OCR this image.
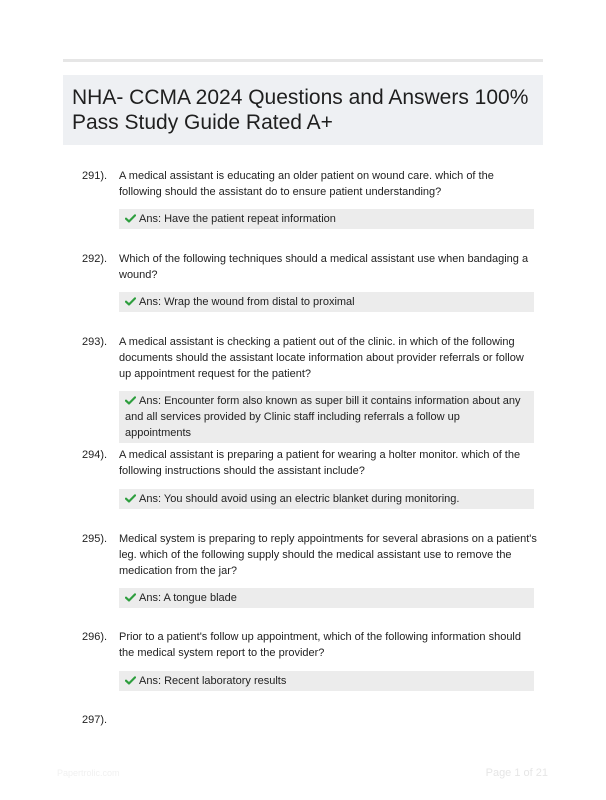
NHA- CCMA 2024 Questions and Answers 100% Pass Study Guide Rated A+
291). A medical assistant is educating an older patient on wound care. which of the following should the assistant do to ensure patient understanding?
Ans: Have the patient repeat information
292). Which of the following techniques should a medical assistant use when bandaging a wound?
Ans: Wrap the wound from distal to proximal
293). A medical assistant is checking a patient out of the clinic. in which of the following documents should the assistant locate information about provider referrals or follow up appointment request for the patient?
Ans: Encounter form also known as super bill it contains information about any and all services provided by Clinic staff including referrals a follow up appointments
294). A medical assistant is preparing a patient for wearing a holter monitor. which of the following instructions should the assistant include?
Ans: You should avoid using an electric blanket during monitoring.
295). Medical system is preparing to reply appointments for several abrasions on a patient's leg. which of the following supply should the medical assistant use to remove the medication from the jar?
Ans: A tongue blade
296). Prior to a patient's follow up appointment, which of the following information should the medical system report to the provider?
Ans: Recent laboratory results
297).
Papertrolic.com	Page 1 of 21
